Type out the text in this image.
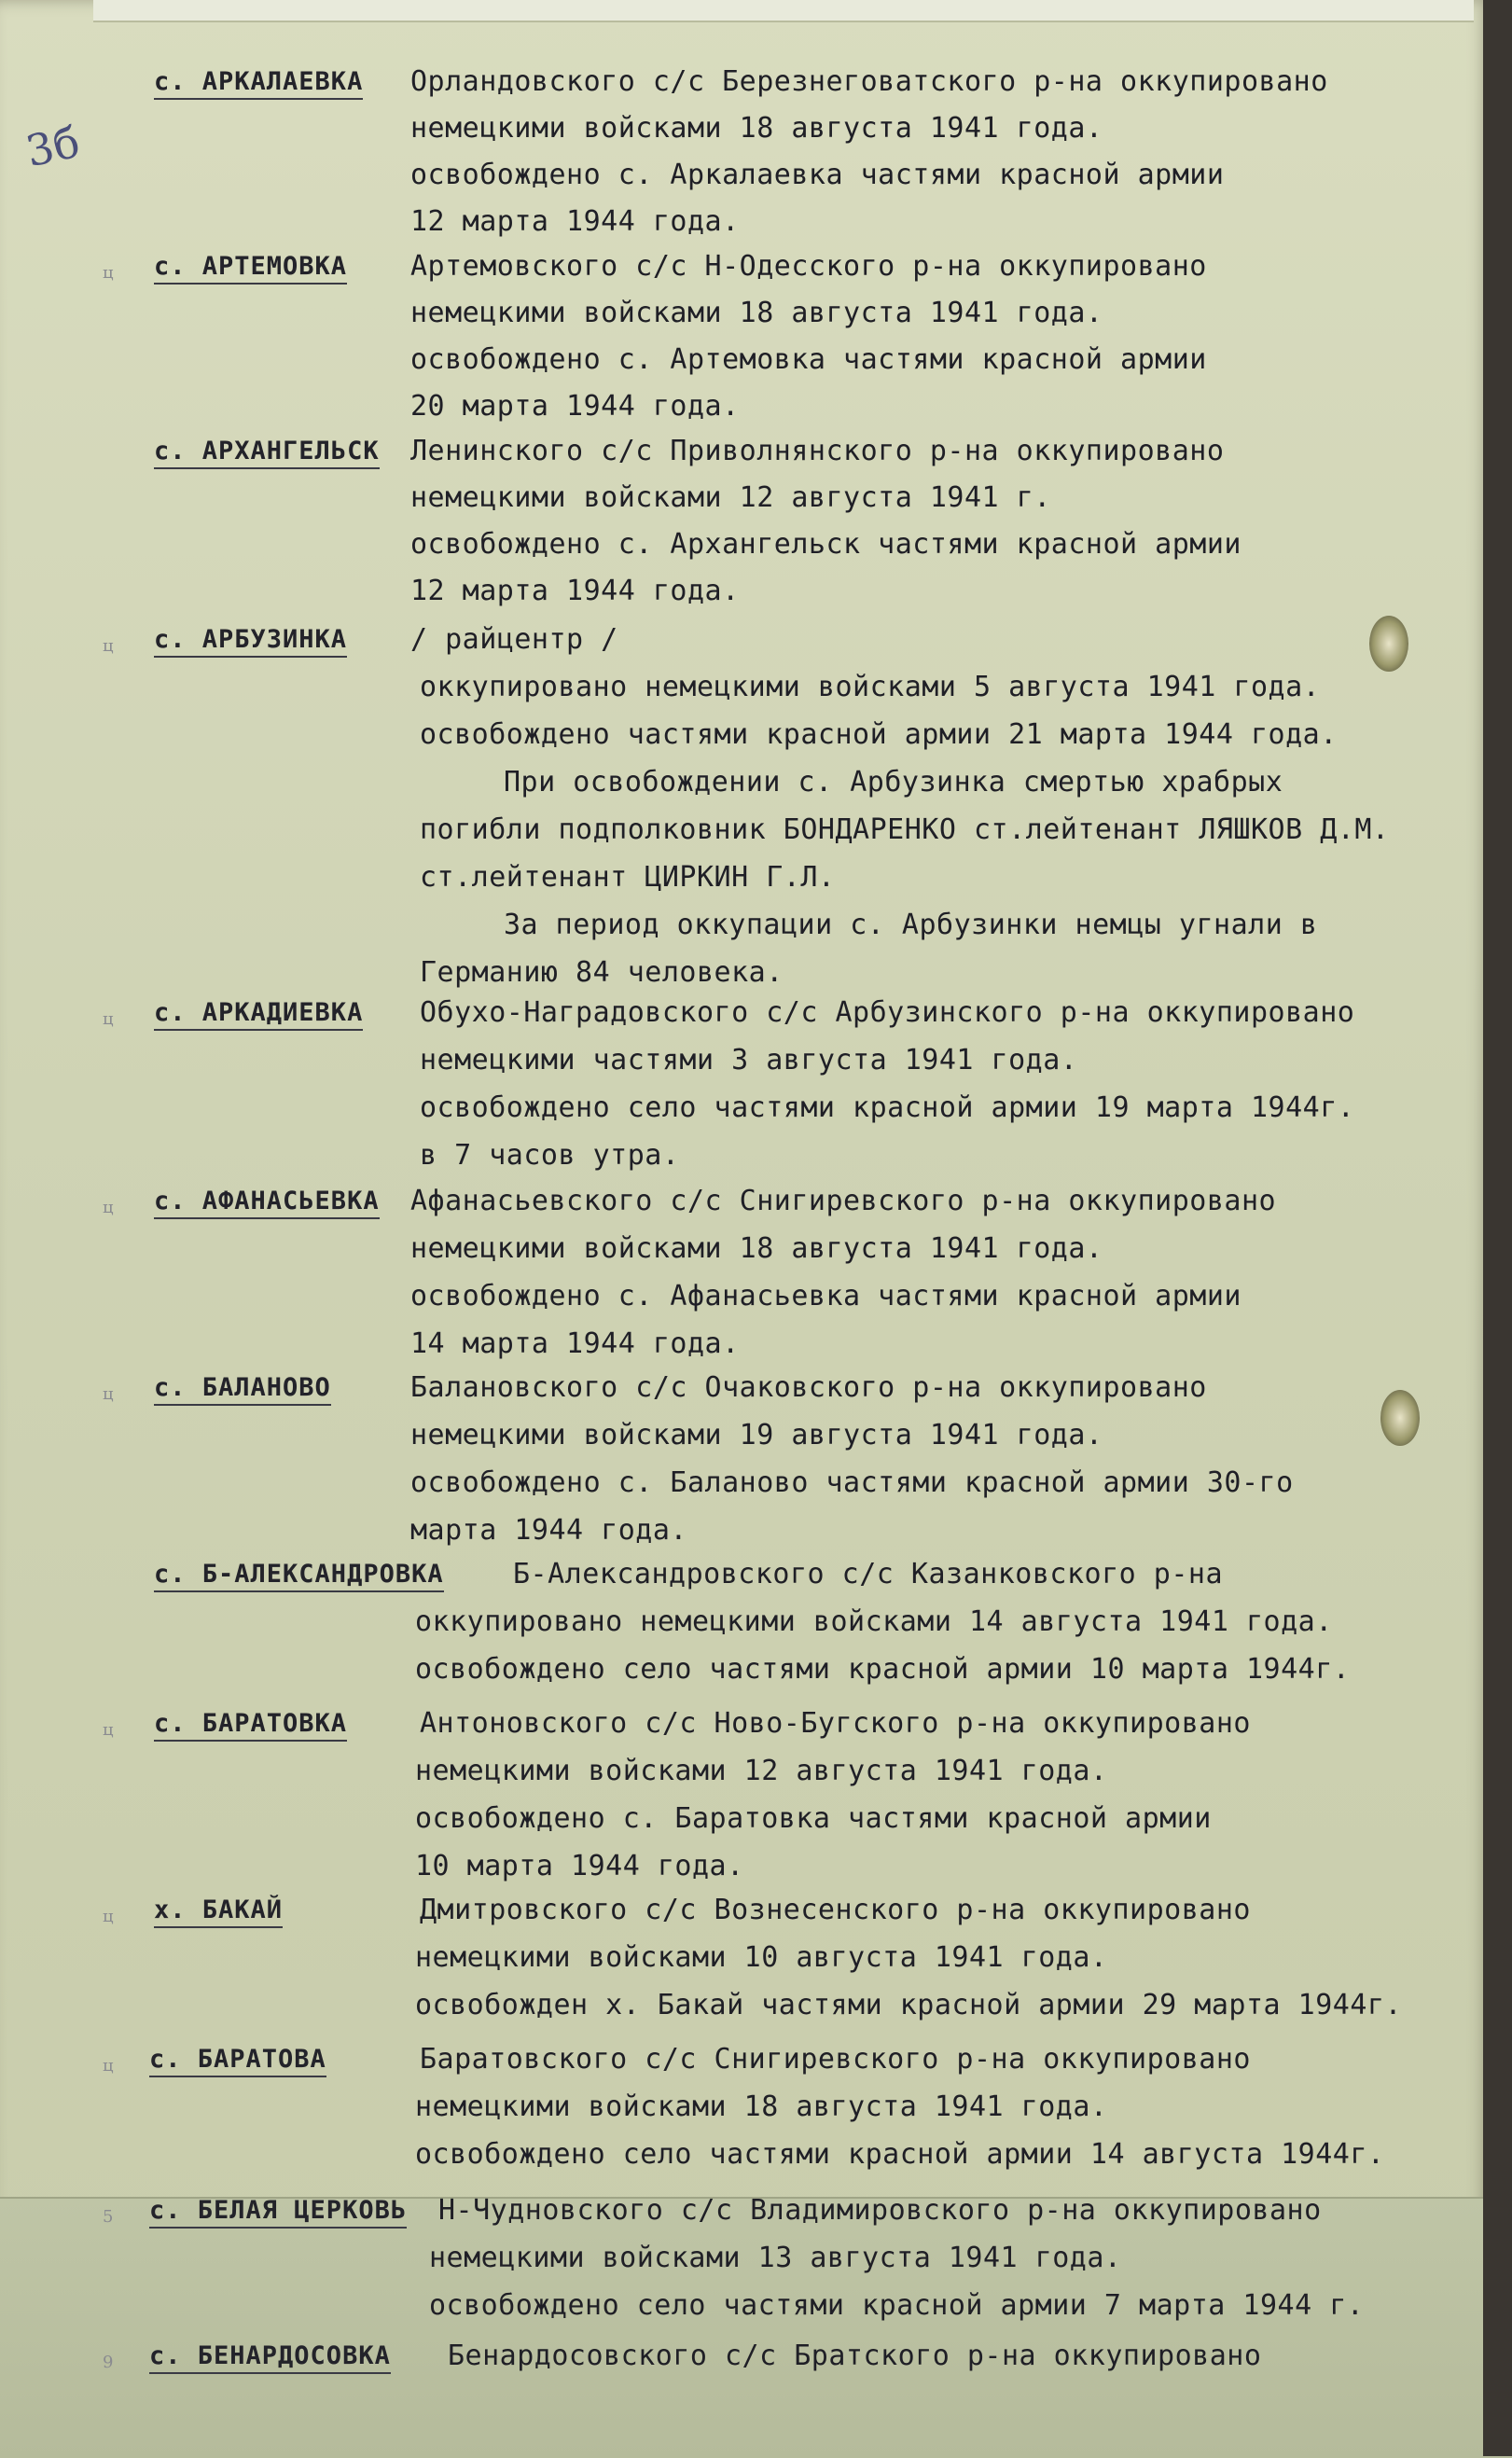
3б
с. АРКАЛАЕВКА Орландовского с/с Березнеговатского р-на оккупировано
немецкими войсками 18 августа 1941 года.
освобождено с. Аркалаевка частями красной армии
12 марта 1944 года.
ц с. АРТЕМОВКА Артемовского с/с Н-Одесского р-на оккупировано
немецкими войсками 18 августа 1941 года.
освобождено с. Артемовка частями красной армии
20 марта 1944 года.
с. АРХАНГЕЛЬСК Ленинского с/с Приволнянского р-на оккупировано
немецкими войсками 12 августа 1941 г.
освобождено с. Архангельск частями красной армии
12 марта 1944 года.
ц с. АРБУЗИНКА / райцентр /
оккупировано немецкими войсками 5 августа 1941 года.
освобождено частями красной армии 21 марта 1944 года.
При освобождении с. Арбузинка смертью храбрых
погибли подполковник БОНДАРЕНКО ст.лейтенант ЛЯШКОВ Д.М.
ст.лейтенант ЦИРКИН Г.Л.
За период оккупации с. Арбузинки немцы угнали в
Германию 84 человека.
ц с. АРКАДИЕВКА Обухо-Наградовского с/с Арбузинского р-на оккупировано
немецкими частями 3 августа 1941 года.
освобождено село частями красной армии 19 марта 1944г.
в 7 часов утра.
ц с. АФАНАСЬЕВКА Афанасьевского с/с Снигиревского р-на оккупировано
немецкими войсками 18 августа 1941 года.
освобождено с. Афанасьевка частями красной армии
14 марта 1944 года.
ц с. БАЛАНОВО	Балановского с/с Очаковского р-на оккупировано
немецкими войсками 19 августа 1941 года.
освобождено с. Баланово частями красной армии 30-го
марта 1944 года.
с. Б-АЛЕКСАНДРОВКА Б-Александровского с/с Казанковского р-на
оккупировано немецкими войсками 14 августа 1941 года.
освобождено село частями красной армии 10 марта 1944г.
ц с. БАРАТОВКА	Антоновского с/с Ново-Бугского р-на оккупировано
немецкими войсками 12 августа 1941 года.
освобождено с. Баратовка частями красной армии
10 марта 1944 года.
ц х. БАКАЙ	Дмитровского с/с Вознесенского р-на оккупировано
немецкими войсками 10 августа 1941 года.
освобожден х. Бакай частями красной армии 29 марта 1944г.
ц с. БАРАТОВА	Баратовского с/с Снигиревского р-на оккупировано
немецкими войсками 18 августа 1941 года.
освобождено село частями красной армии 14 августа 1944г.
5 с. БЕЛАЯ ЦЕРКОВЬ Н-Чудновского с/с Владимировского р-на оккупировано
немецкими войсками 13 августа 1941 года.
освобождено село частями красной армии 7 марта 1944 г.
9 с. БЕНАРДОСОВКА Бенардосовского с/с Братского р-на оккупировано
